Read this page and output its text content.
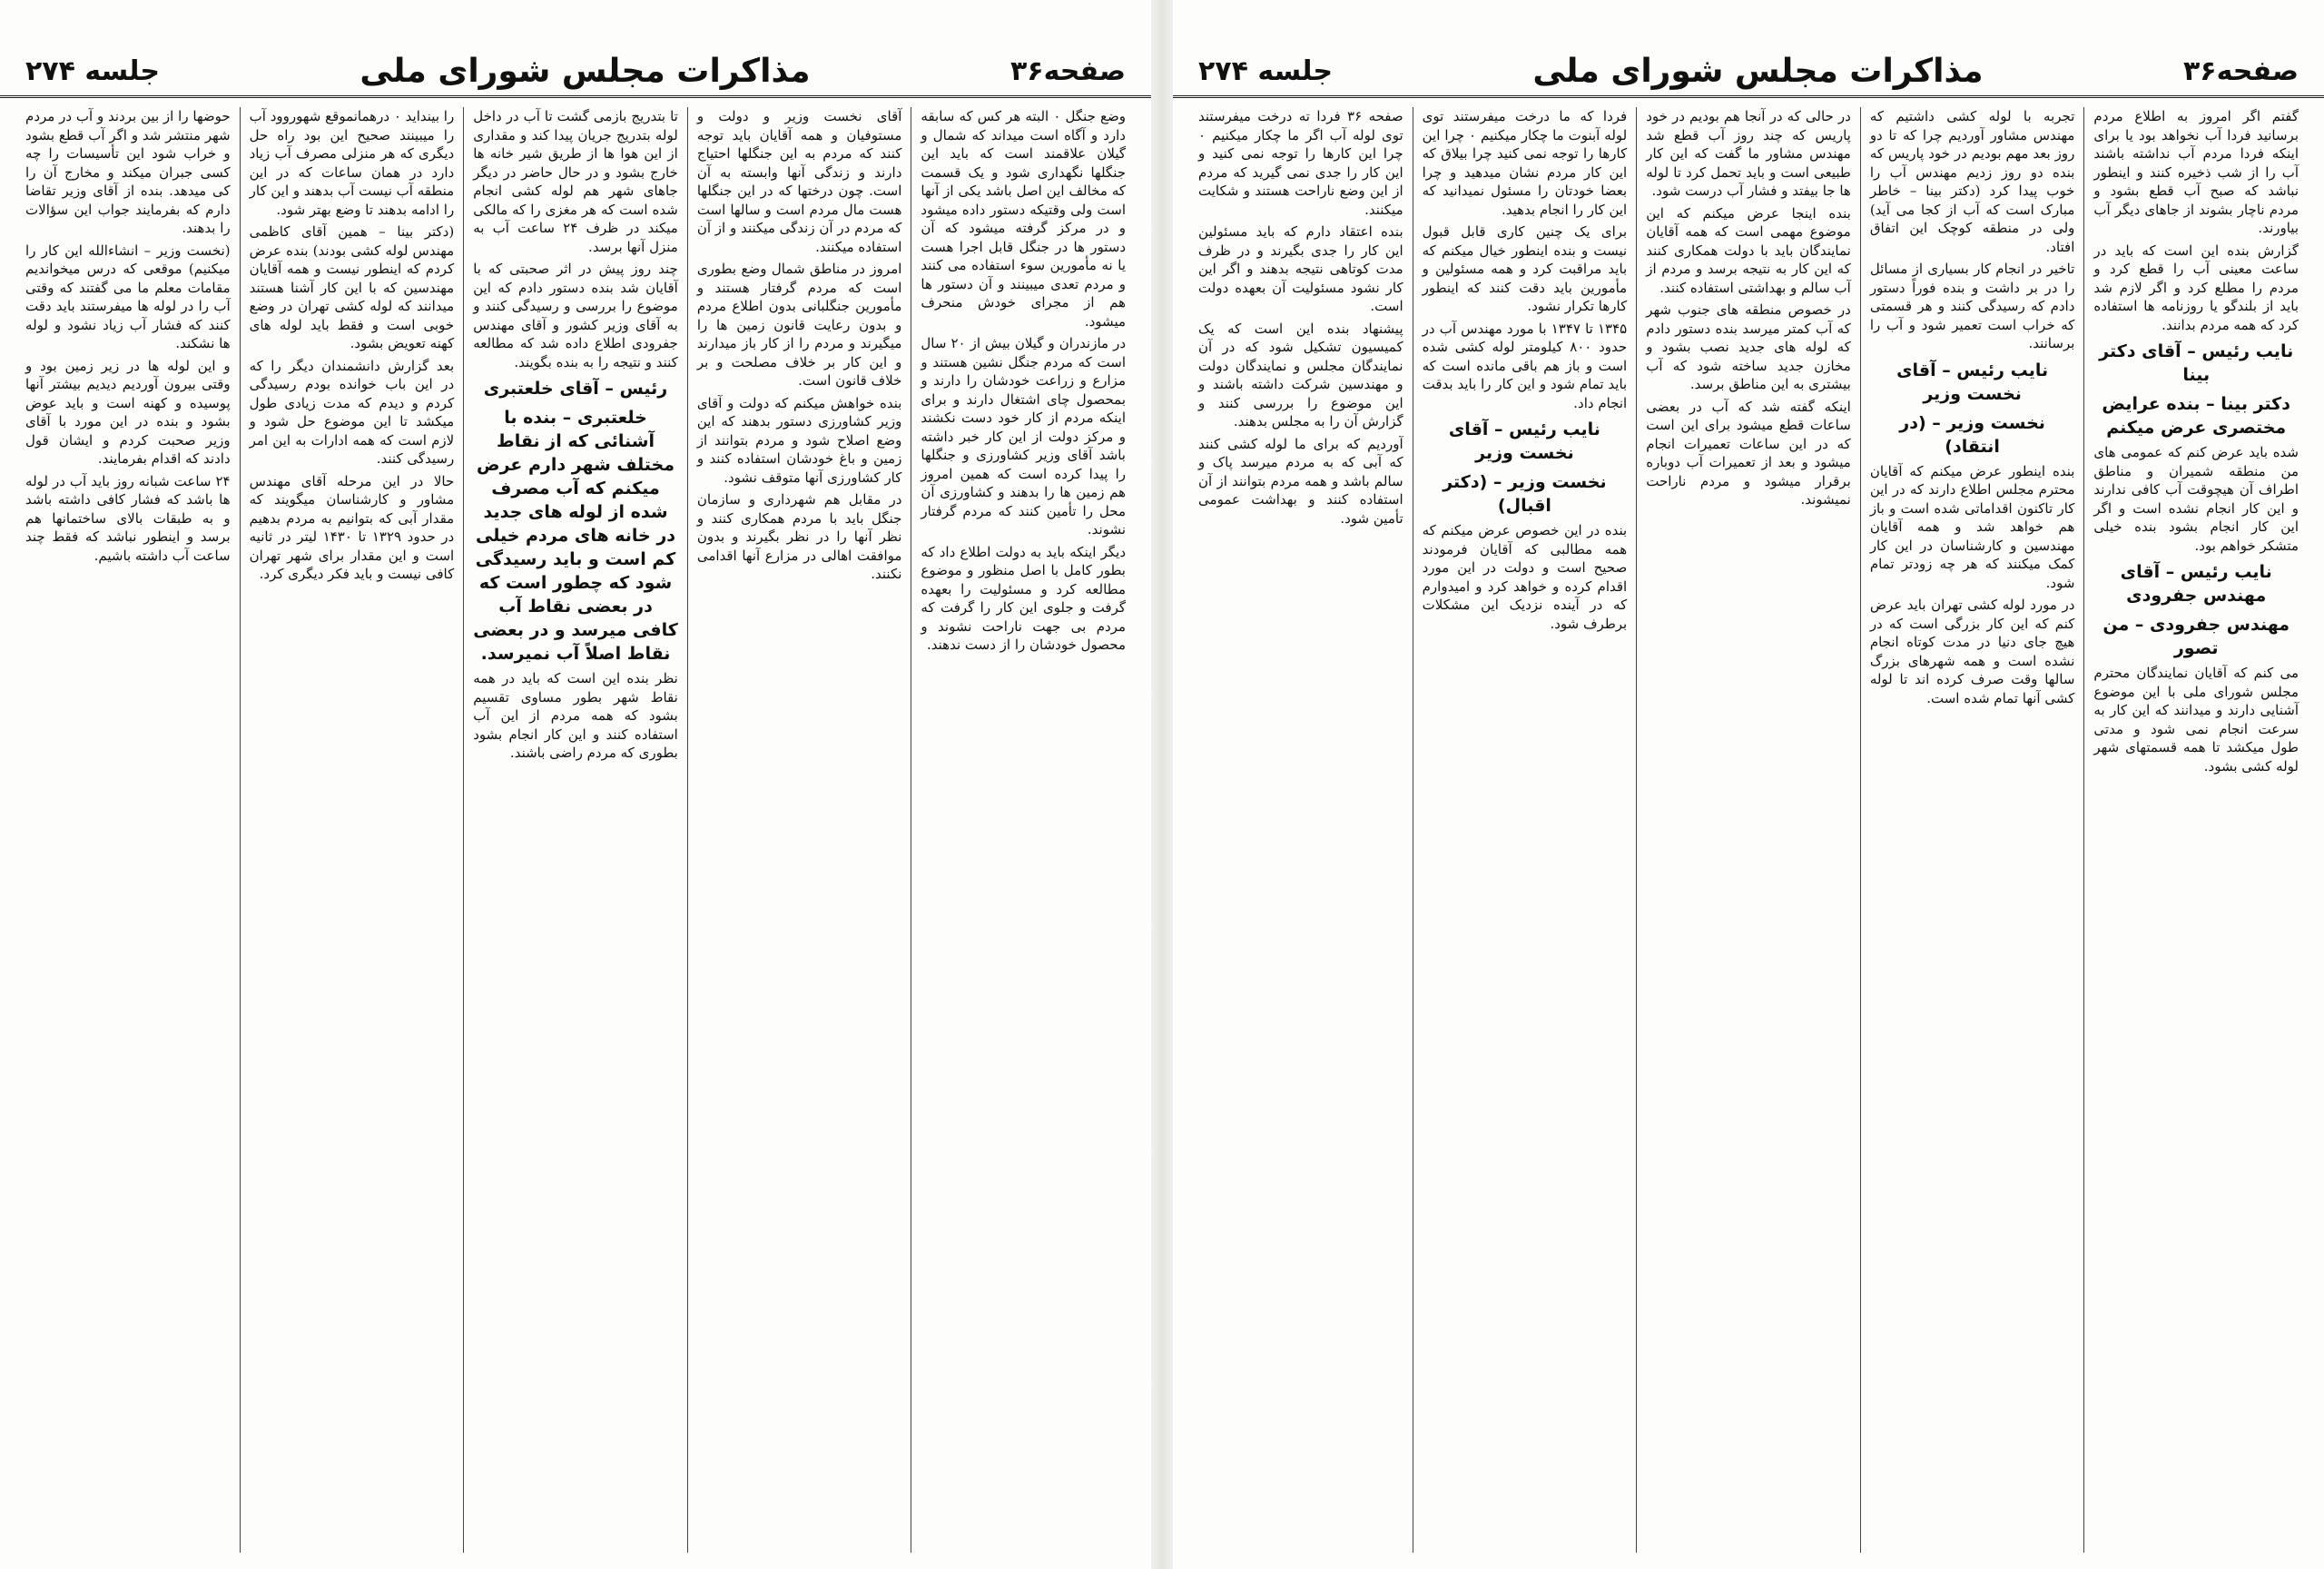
صفحه۳۶
مذاکرات مجلس شورای ملی
جلسه ۲۷۴

وضع جنگل ۰ البته هر کس که سابقه دارد و آگاه است میداند که شمال و گیلان علاقمند است که باید این جنگلها نگهداری شود و یک قسمت که مخالف این اصل باشد یکی از آنها است ولی وقتیکه دستور داده میشود و در مرکز گرفته میشود که آن دستور ها در جنگل قابل اجرا هست یا نه مأمورین سوء استفاده می کنند و مردم تعدی میبینند و آن دستور ها هم از مجرای خودش منحرف میشود.

در مازندران و گیلان بیش از ۲۰ سال است که مردم جنگل نشین هستند و مزارع و زراعت خودشان را دارند و بمحصول چای اشتغال دارند و برای اینکه مردم از کار خود دست نکشند و مرکز دولت از این کار خبر داشته باشد آقای وزیر کشاورزی و جنگلها را پیدا کرده است که همین امروز هم زمین ها را بدهند و کشاورزی آن محل را تأمین کنند که مردم گرفتار نشوند.

دیگر اینکه باید به دولت اطلاع داد که بطور کامل با اصل منظور و موضوع مطالعه کرد و مسئولیت را بعهده گرفت و جلوی این کار را گرفت که مردم بی جهت ناراحت نشوند و محصول خودشان را از دست ندهند.

آقای نخست وزیر و دولت و مستوفیان و همه آقایان باید توجه کنند که مردم به این جنگلها احتیاج دارند و زندگی آنها وابسته به آن است. چون درختها که در این جنگلها هست مال مردم است و سالها است که مردم در آن زندگی میکنند و از آن استفاده میکنند.

امروز در مناطق شمال وضع بطوری است که مردم گرفتار هستند و مأمورین جنگلبانی بدون اطلاع مردم و بدون رعایت قانون زمین ها را میگیرند و مردم را از کار باز میدارند و این کار بر خلاف مصلحت و بر خلاف قانون است.

بنده خواهش میکنم که دولت و آقای وزیر کشاورزی دستور بدهند که این وضع اصلاح شود و مردم بتوانند از زمین و باغ خودشان استفاده کنند و کار کشاورزی آنها متوقف نشود.

در مقابل هم شهرداری و سازمان جنگل باید با مردم همکاری کنند و نظر آنها را در نظر بگیرند و بدون موافقت اهالی در مزارع آنها اقدامی نکنند.

تا بتدریج بازمی گشت تا آب در داخل لوله بتدریج جریان پیدا کند و مقداری از این هوا ها از طریق شیر خانه ها خارج بشود و در حال حاضر در دیگر جاهای شهر هم لوله کشی انجام شده است که هر مغزی را که مالکی میکند در ظرف ۲۴ ساعت آب به منزل آنها برسد.

چند روز پیش در اثر صحبتی که با آقایان شد بنده دستور دادم که این موضوع را بررسی و رسیدگی کنند و به آقای وزیر کشور و آقای مهندس جفرودی اطلاع داده شد که مطالعه کنند و نتیجه را به بنده بگویند.

رئیس – آقای خلعتبری
خلعتبری – بنده با آشنائی که از نقاط مختلف شهر دارم عرض میکنم که آب مصرف شده از لوله های جدید در خانه های مردم خیلی کم است و باید رسیدگی شود که چطور است که در بعضی نقاط آب کافی میرسد و در بعضی نقاط اصلاً آب نمیرسد.

نظر بنده این است که باید در همه نقاط شهر بطور مساوی تقسیم بشود که همه مردم از این آب استفاده کنند و این کار انجام بشود بطوری که مردم راضی باشند.

را بینداید ۰ درهمانموقع شهوروود آب را میبینند صحیح این بود راه حل دیگری که هر منزلی مصرف آب زیاد دارد در همان ساعات که در این منطقه آب نیست آب بدهند و این کار را ادامه بدهند تا وضع بهتر شود.

(دکتر بینا – همین آقای کاظمی مهندس لوله کشی بودند) بنده عرض کردم که اینطور نیست و همه آقایان مهندسین که با این کار آشنا هستند میدانند که لوله کشی تهران در وضع خوبی است و فقط باید لوله های کهنه تعویض بشود.

بعد گزارش دانشمندان دیگر را که در این باب خوانده بودم رسیدگی کردم و دیدم که مدت زیادی طول میکشد تا این موضوع حل شود و لازم است که همه ادارات به این امر رسیدگی کنند.

حالا در این مرحله آقای مهندس مشاور و کارشناسان میگویند که مقدار آبی که بتوانیم به مردم بدهیم در حدود ۱۳۲۹ تا ۱۴۳۰ لیتر در ثانیه است و این مقدار برای شهر تهران کافی نیست و باید فکر دیگری کرد.

حوضها را از بین بردند و آب در مردم شهر منتشر شد و اگر آب قطع بشود و خراب شود این تأسیسات را چه کسی جبران میکند و مخارج آن را کی میدهد. بنده از آقای وزیر تقاضا دارم که بفرمایند جواب این سؤالات را بدهند.

(نخست وزیر – انشاءالله این کار را میکنیم) موقعی که درس میخواندیم مقامات معلم ما می گفتند که وقتی آب را در لوله ها میفرستند باید دقت کنند که فشار آب زیاد نشود و لوله ها نشکند.

و این لوله ها در زیر زمین بود و وقتی بیرون آوردیم دیدیم بیشتر آنها پوسیده و کهنه است و باید عوض بشود و بنده در این مورد با آقای وزیر صحبت کردم و ایشان قول دادند که اقدام بفرمایند.

۲۴ ساعت شبانه روز باید آب در لوله ها باشد که فشار کافی داشته باشد و به طبقات بالای ساختمانها هم برسد و اینطور نباشد که فقط چند ساعت آب داشته باشیم.

صفحه۳۶
مذاکرات مجلس شورای ملی
جلسه ۲۷۴

گفتم اگر امروز به اطلاع مردم برسانید فردا آب نخواهد بود یا برای اینکه فردا مردم آب نداشته باشند آب را از شب ذخیره کنند و اینطور نباشد که صبح آب قطع بشود و مردم ناچار بشوند از جاهای دیگر آب بیاورند.

گزارش بنده این است که باید در ساعت معینی آب را قطع کرد و مردم را مطلع کرد و اگر لازم شد باید از بلندگو یا روزنامه ها استفاده کرد که همه مردم بدانند.

نایب رئیس – آقای دکتر بینا
دکتر بینا – بنده عرایض مختصری عرض میکنم

شده باید عرض کنم که عمومی های من منطقه شمیران و مناطق اطراف آن هیچوقت آب کافی ندارند و این کار انجام نشده است و اگر این کار انجام بشود بنده خیلی متشکر خواهم بود.

نایب رئیس – آقای مهندس جفرودی
مهندس جفرودی – من تصور

می کنم که آقایان نمایندگان محترم مجلس شورای ملی با این موضوع آشنایی دارند و میدانند که این کار به سرعت انجام نمی شود و مدتی طول میکشد تا همه قسمتهای شهر لوله کشی بشود.

تجربه با لوله کشی داشتیم که مهندس مشاور آوردیم چرا که تا دو روز بعد مهم بودیم در خود پاریس که بنده دو روز زدیم مهندس آب را خوب پیدا کرد (دکتر بینا – خاطر مبارک است که آب از کجا می آید) ولی در منطقه کوچک این اتفاق افتاد.

تاخیر در انجام کار بسیاری از مسائل را در بر داشت و بنده فوراً دستور دادم که رسیدگی کنند و هر قسمتی که خراب است تعمیر شود و آب را برسانند.

نایب رئیس – آقای نخست وزیر
نخست وزیر – (در انتقاد)

بنده اینطور عرض میکنم که آقایان محترم مجلس اطلاع دارند که در این کار تاکنون اقداماتی شده است و باز هم خواهد شد و همه آقایان مهندسین و کارشناسان در این کار کمک میکنند که هر چه زودتر تمام شود.

در مورد لوله کشی تهران باید عرض کنم که این کار بزرگی است که در هیچ جای دنیا در مدت کوتاه انجام نشده است و همه شهرهای بزرگ سالها وقت صرف کرده اند تا لوله کشی آنها تمام شده است.

در حالی که در آنجا هم بودیم در خود پاریس که چند روز آب قطع شد مهندس مشاور ما گفت که این کار طبیعی است و باید تحمل کرد تا لوله ها جا بیفتد و فشار آب درست شود.

بنده اینجا عرض میکنم که این موضوع مهمی است که همه آقایان نمایندگان باید با دولت همکاری کنند که این کار به نتیجه برسد و مردم از آب سالم و بهداشتی استفاده کنند.

در خصوص منطقه های جنوب شهر که آب کمتر میرسد بنده دستور دادم که لوله های جدید نصب بشود و مخازن جدید ساخته شود که آب بیشتری به این مناطق برسد.

اینکه گفته شد که آب در بعضی ساعات قطع میشود برای این است که در این ساعات تعمیرات انجام میشود و بعد از تعمیرات آب دوباره برقرار میشود و مردم ناراحت نمیشوند.

فردا که ما درخت میفرستند توی لوله آبنوت ما چکار میکنیم ۰ چرا این کارها را توجه نمی کنید چرا بیلاق که این کار مردم نشان میدهید و چرا بعضا خودتان را مسئول نمیدانید که این کار را انجام بدهید.

برای یک چنین کاری قابل قبول نیست و بنده اینطور خیال میکنم که باید مراقبت کرد و همه مسئولین و مأمورین باید دقت کنند که اینطور کارها تکرار نشود.

۱۳۴۵ تا ۱۳۴۷ با مورد مهندس آب در حدود ۸۰۰ کیلومتر لوله کشی شده است و باز هم باقی مانده است که باید تمام شود و این کار را باید بدقت انجام داد.

نایب رئیس – آقای نخست وزیر
نخست وزیر – (دکتر اقبال)

بنده در این خصوص عرض میکنم که همه مطالبی که آقایان فرمودند صحیح است و دولت در این مورد اقدام کرده و خواهد کرد و امیدوارم که در آینده نزدیک این مشکلات برطرف شود.

صفحه ۳۶ فردا ته درخت میفرستند توی لوله آب اگر ما چکار میکنیم ۰ چرا این کارها را توجه نمی کنید و این کار را جدی نمی گیرید که مردم از این وضع ناراحت هستند و شکایت میکنند.

بنده اعتقاد دارم که باید مسئولین این کار را جدی بگیرند و در ظرف مدت کوتاهی نتیجه بدهند و اگر این کار نشود مسئولیت آن بعهده دولت است.

پیشنهاد بنده این است که یک کمیسیون تشکیل شود که در آن نمایندگان مجلس و نمایندگان دولت و مهندسین شرکت داشته باشند و این موضوع را بررسی کنند و گزارش آن را به مجلس بدهند.

آوردیم که برای ما لوله کشی کنند که آبی که به مردم میرسد پاک و سالم باشد و همه مردم بتوانند از آن استفاده کنند و بهداشت عمومی تأمین شود.
